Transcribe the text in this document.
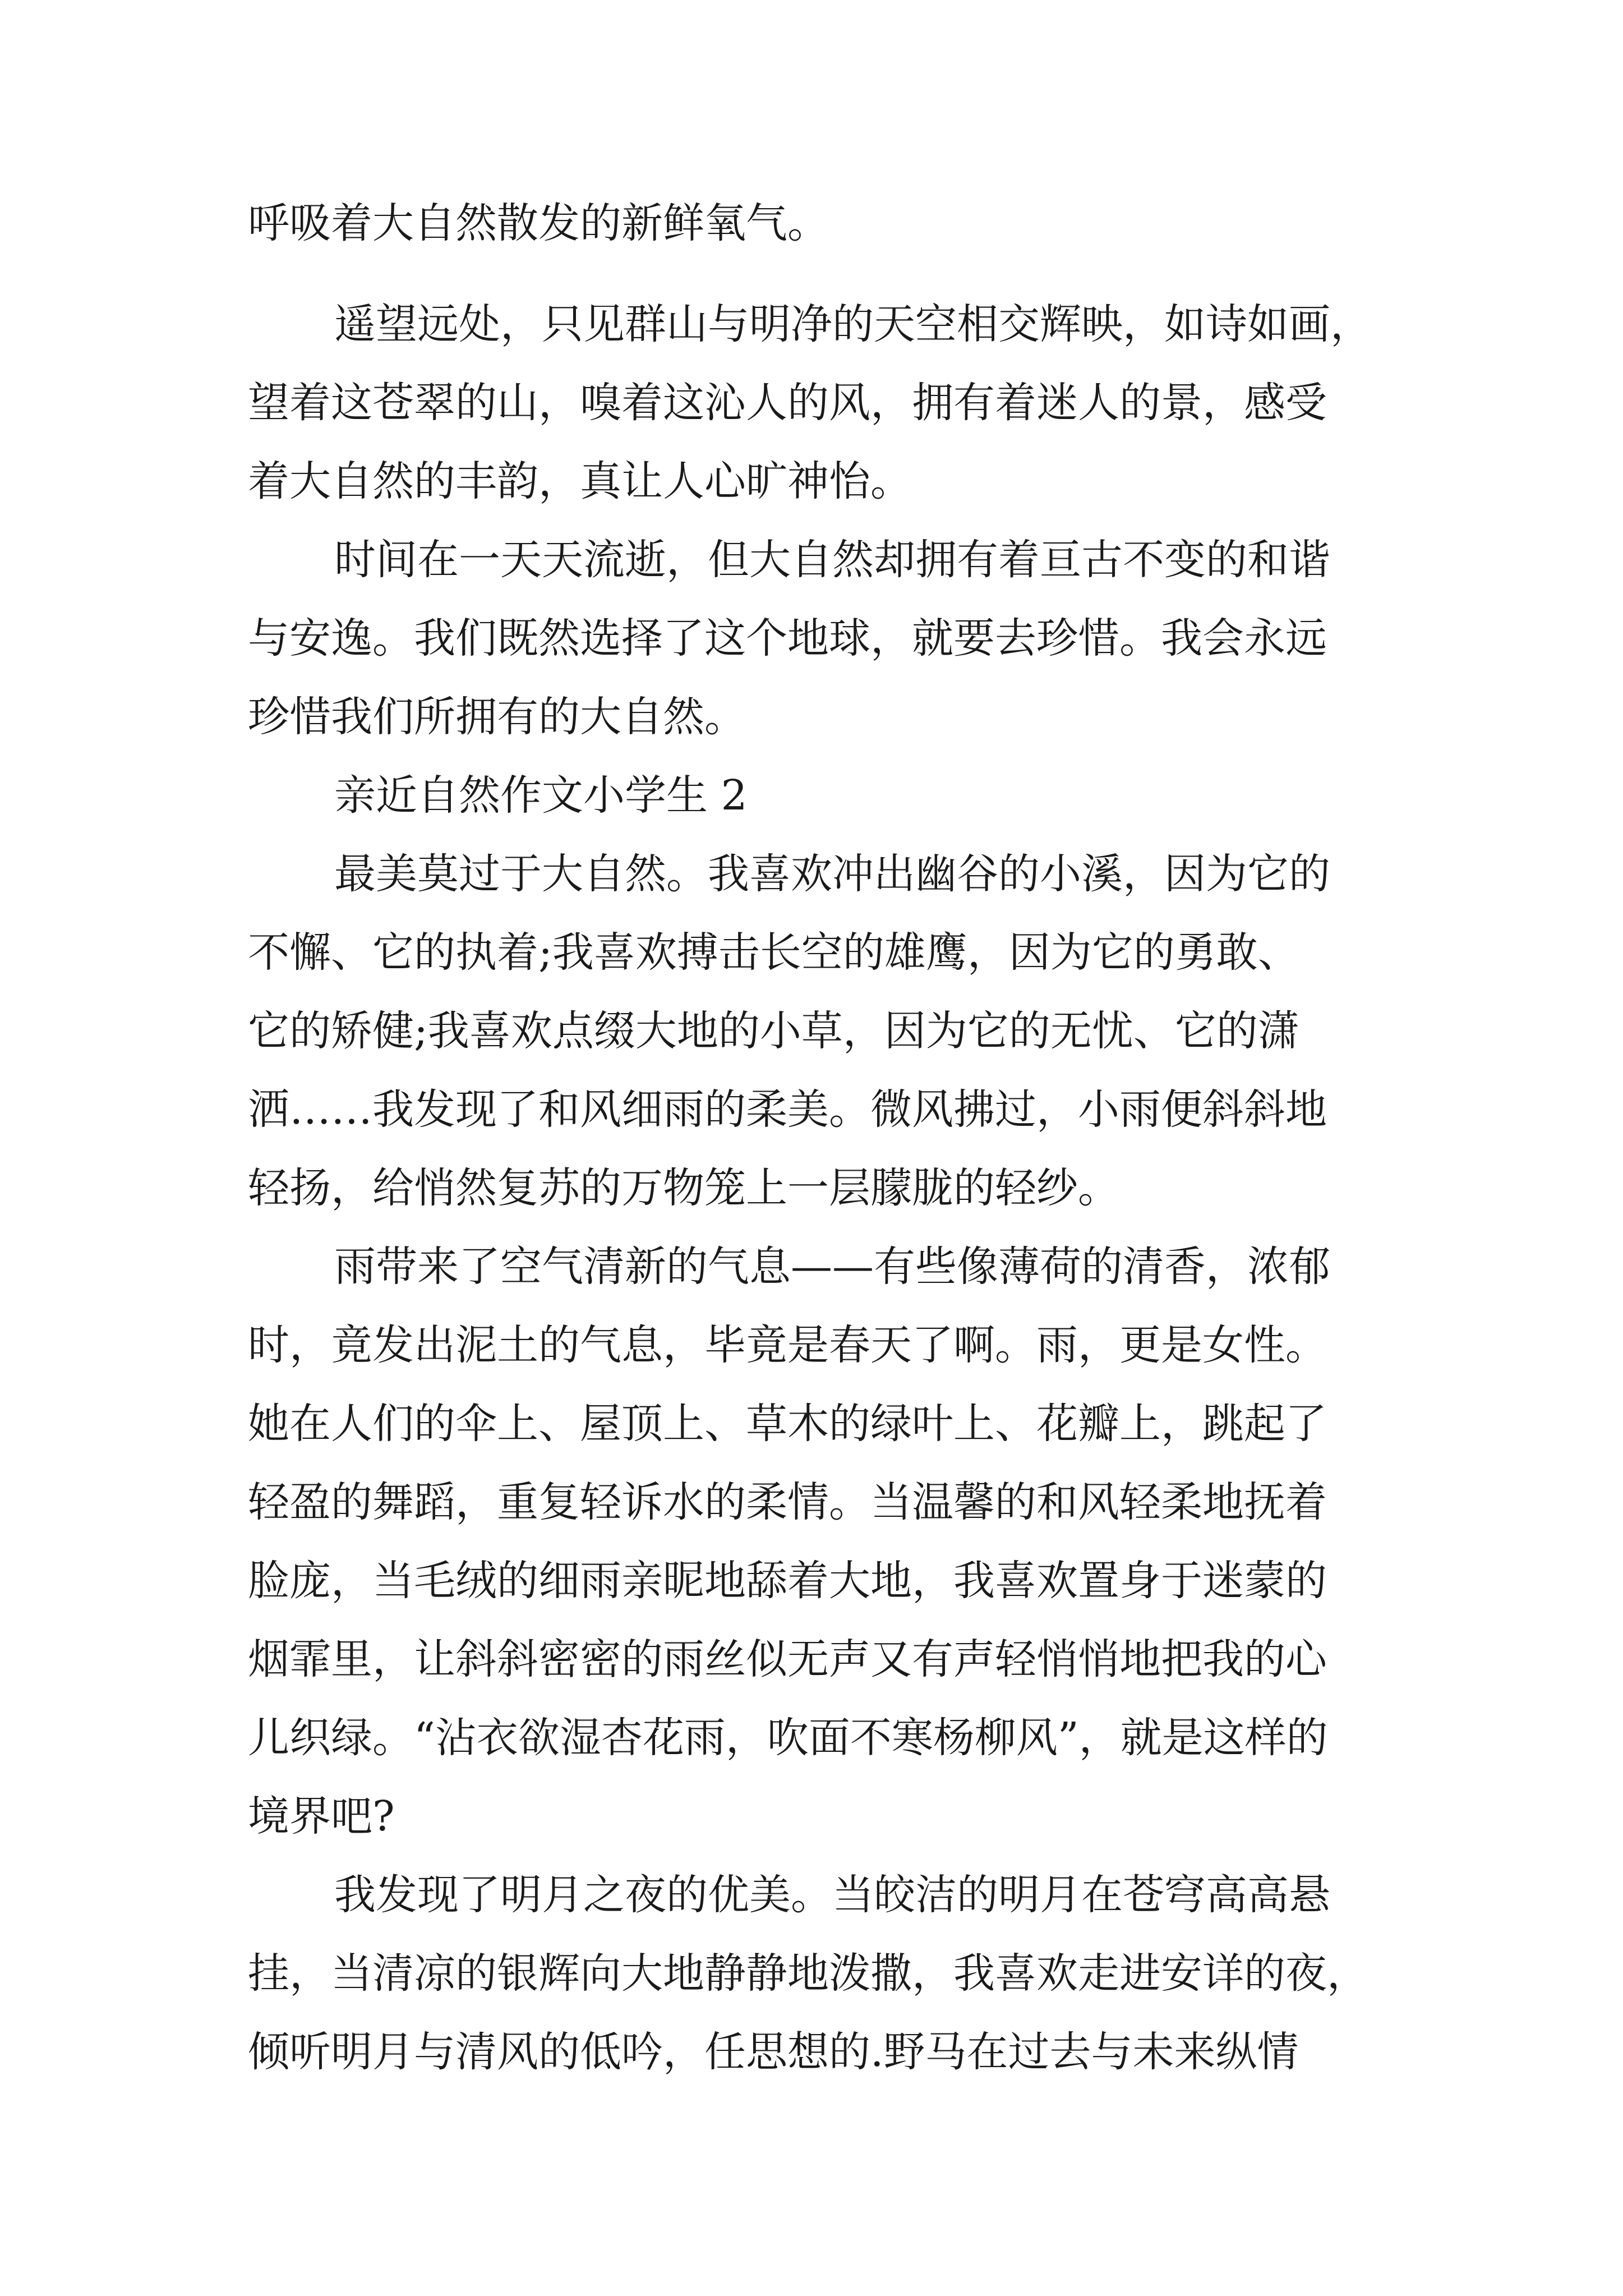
呼吸着大自然散发的新鲜氧气。
遥望远处，只见群山与明净的天空相交辉映，如诗如画，
望着这苍翠的山，嗅着这沁人的风，拥有着迷人的景，感受
着大自然的丰韵，真让人心旷神怡。
时间在一天天流逝，但大自然却拥有着亘古不变的和谐
与安逸。我们既然选择了这个地球，就要去珍惜。我会永远
珍惜我们所拥有的大自然。
亲近自然作文小学生 2
最美莫过于大自然。我喜欢冲出幽谷的小溪，因为它的
不懈、它的执着;我喜欢搏击长空的雄鹰，因为它的勇敢、
它的矫健;我喜欢点缀大地的小草，因为它的无忧、它的潇
洒……我发现了和风细雨的柔美。微风拂过，小雨便斜斜地
轻扬，给悄然复苏的万物笼上一层朦胧的轻纱。
雨带来了空气清新的气息——有些像薄荷的清香，浓郁
时，竟发出泥土的气息，毕竟是春天了啊。雨，更是女性。
她在人们的伞上、屋顶上、草木的绿叶上、花瓣上，跳起了
轻盈的舞蹈，重复轻诉水的柔情。当温馨的和风轻柔地抚着
脸庞，当毛绒的细雨亲昵地舔着大地，我喜欢置身于迷蒙的
烟霏里，让斜斜密密的雨丝似无声又有声轻悄悄地把我的心
儿织绿。“沾衣欲湿杏花雨，吹面不寒杨柳风”，就是这样的
境界吧?
我发现了明月之夜的优美。当皎洁的明月在苍穹高高悬
挂，当清凉的银辉向大地静静地泼撒，我喜欢走进安详的夜，
倾听明月与清风的低吟，任思想的.野马在过去与未来纵情
